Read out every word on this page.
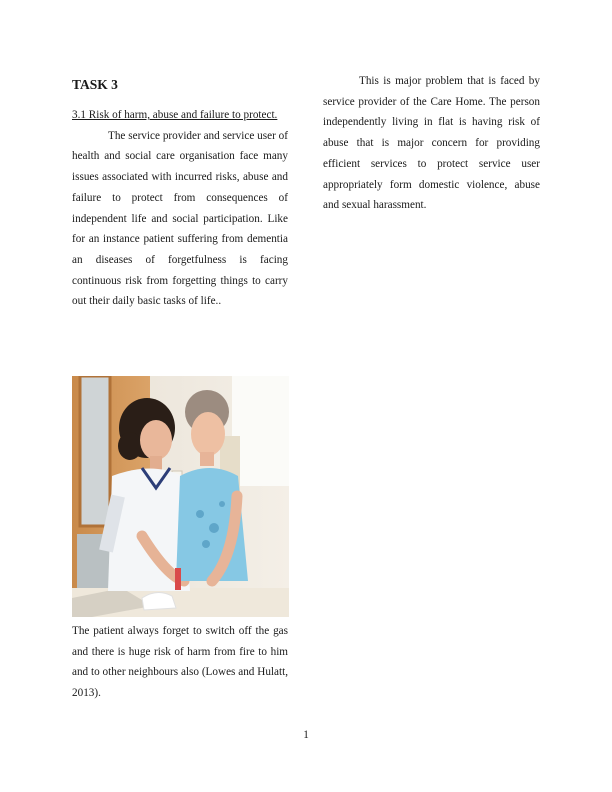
TASK 3

3.1 Risk of harm, abuse and failure to protect.

The service provider and service user of health and social care organisation face many issues associated with incurred risks, abuse and failure to protect from consequences of independent life and social participation. Like for an instance patient suffering from dementia an diseases of forgetfulness is facing continuous risk from forgetting things to carry out their daily basic tasks of life..

The patient always forget to switch off the gas and there is huge risk of harm from fire to him and to other neighbours also (Lowes and Hulatt, 2013).

This is major problem that is faced by service provider of the Care Home. The person independently living in flat is having risk of abuse that is major concern for providing efficient services to protect service user appropriately form domestic violence, abuse and sexual harassment.

1
